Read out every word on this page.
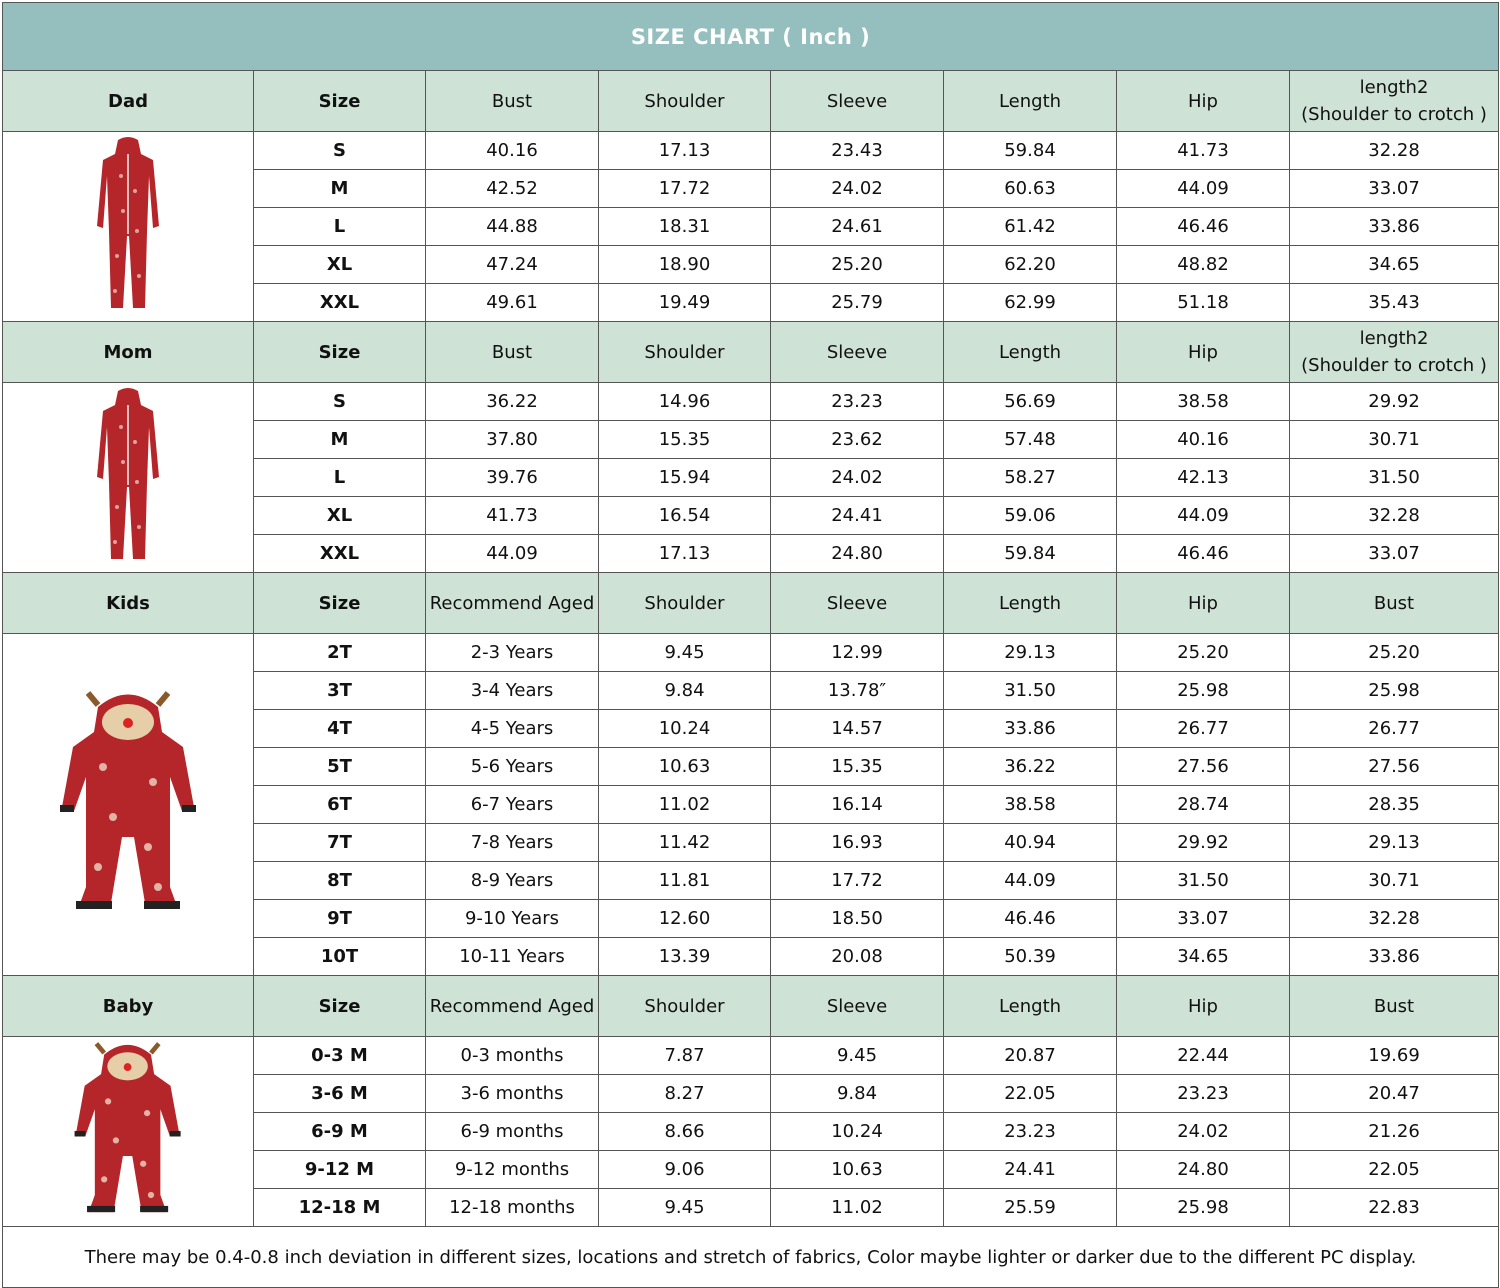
SIZE CHART ( Inch )							
Dad	Size	Bust	Shoulder	Sleeve	Length	Hip	length2
(Shoulder to crotch )

	S	40.16	17.13	23.43	59.84	41.73	32.28
	M	42.52	17.72	24.02	60.63	44.09	33.07
	L	44.88	18.31	24.61	61.42	46.46	33.86
	XL	47.24	18.90	25.20	62.20	48.82	34.65
	XXL	49.61	19.49	25.79	62.99	51.18	35.43
Mom	Size	Bust	Shoulder	Sleeve	Length	Hip	length2
(Shoulder to crotch )

	S	36.22	14.96	23.23	56.69	38.58	29.92
	M	37.80	15.35	23.62	57.48	40.16	30.71
	L	39.76	15.94	24.02	58.27	42.13	31.50
	XL	41.73	16.54	24.41	59.06	44.09	32.28
	XXL	44.09	17.13	24.80	59.84	46.46	33.07
Kids	Size	Recommend Aged	Shoulder	Sleeve	Length	Hip	Bust
	2T	2-3 Years	9.45	12.99	29.13	25.20	25.20
	3T	3-4 Years	9.84	13.78″	31.50	25.98	25.98
	4T	4-5 Years	10.24	14.57	33.86	26.77	26.77
	5T	5-6 Years	10.63	15.35	36.22	27.56	27.56
	6T	6-7 Years	11.02	16.14	38.58	28.74	28.35
	7T	7-8 Years	11.42	16.93	40.94	29.92	29.13
	8T	8-9 Years	11.81	17.72	44.09	31.50	30.71
	9T	9-10 Years	12.60	18.50	46.46	33.07	32.28
	10T	10-11 Years	13.39	20.08	50.39	34.65	33.86
Baby	Size	Recommend Aged	Shoulder	Sleeve	Length	Hip	Bust
	0-3 M	0-3 months	7.87	9.45	20.87	22.44	19.69
	3-6 M	3-6 months	8.27	9.84	22.05	23.23	20.47
	6-9 M	6-9 months	8.66	10.24	23.23	24.02	21.26
	9-12 M	9-12 months	9.06	10.63	24.41	24.80	22.05
	12-18 M	12-18 months	9.45	11.02	25.59	25.98	22.83
There may be 0.4-0.8 inch deviation in different sizes, locations and stretch of fabrics, Color maybe lighter or darker due to the different PC display.							
